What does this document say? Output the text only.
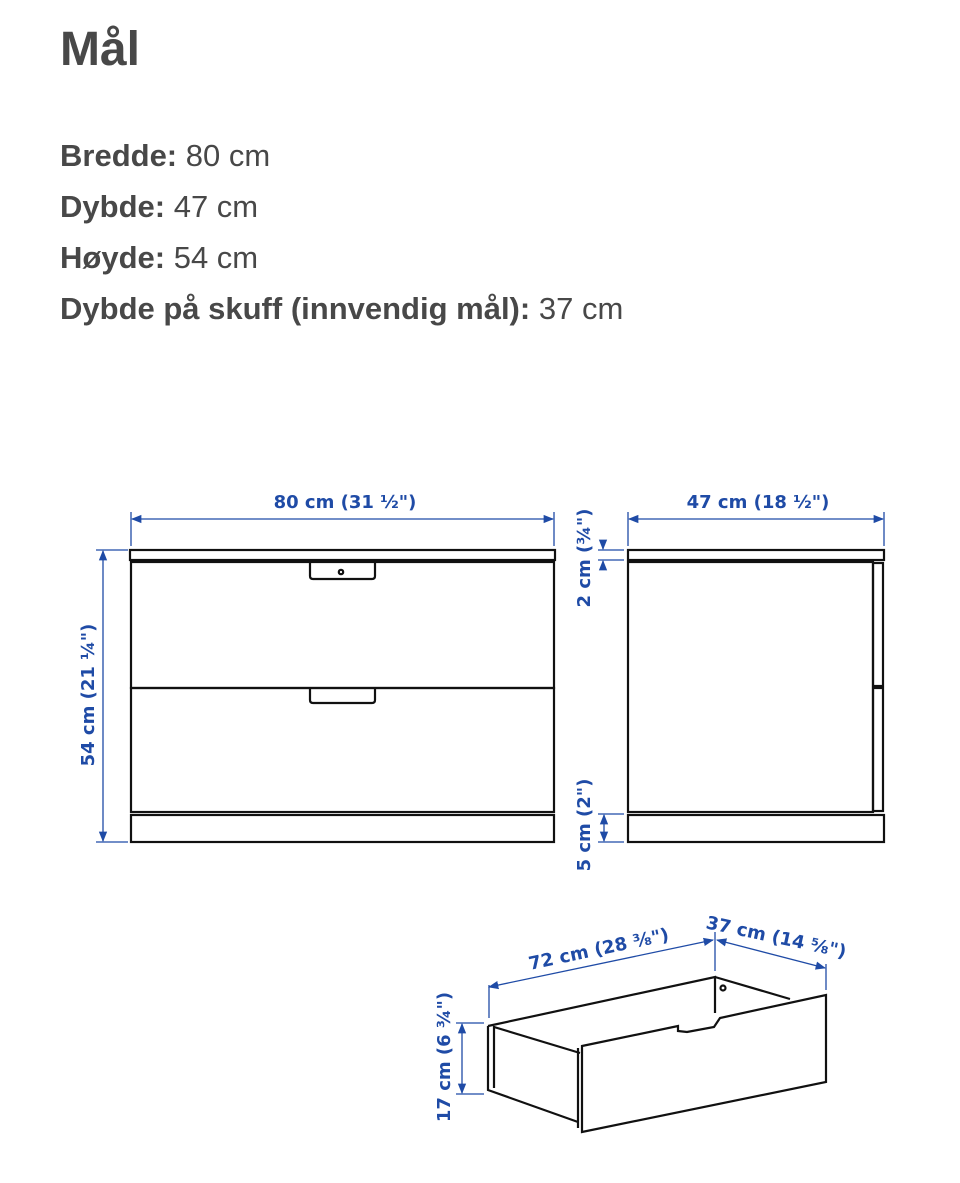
Mål
Bredde: 80 cm
Dybde: 47 cm
Høyde: 54 cm
Dybde på skuff (innvendig mål): 37 cm
80 cm (31 ½")
54 cm (21 ¼")
2 cm (¾")
5 cm (2")
47 cm (18 ½")
72 cm (28 ⅜") 37 cm (14 ⅝")
17 cm (6 ¾")
